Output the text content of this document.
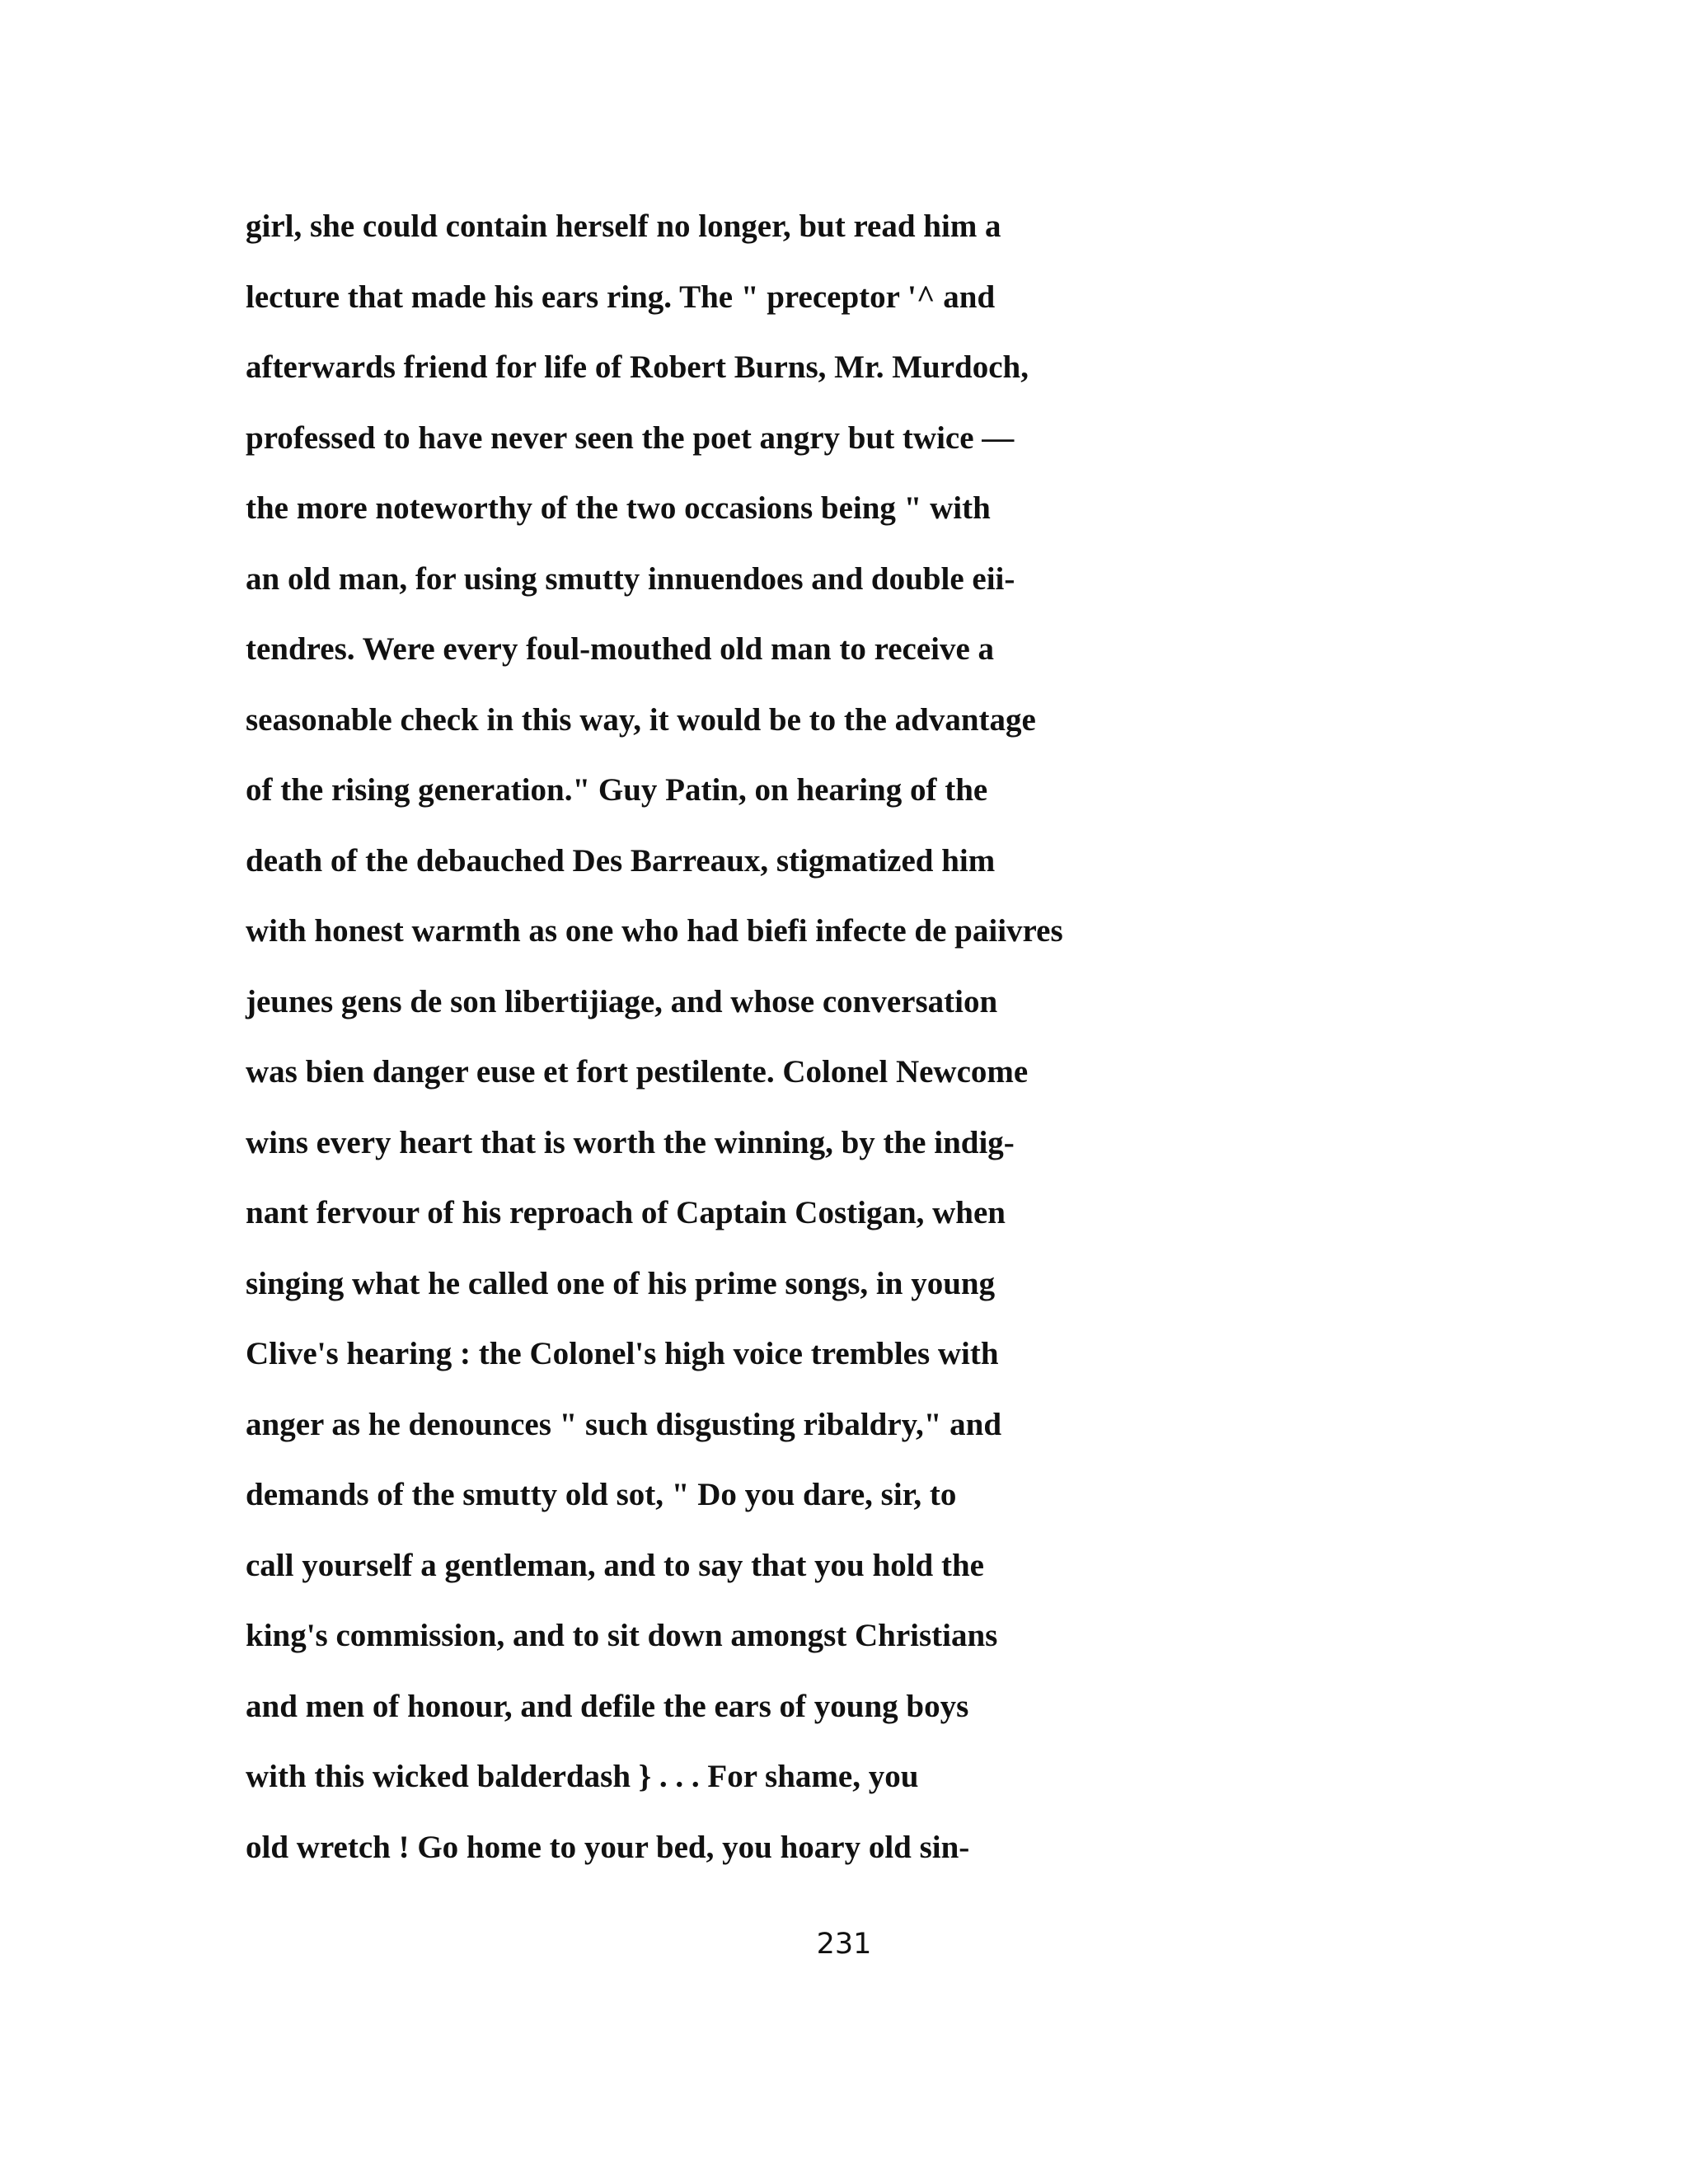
girl, she could contain herself no longer, but read him a
lecture that made his ears ring. The " preceptor '^ and
afterwards friend for life of Robert Burns, Mr. Murdoch,
professed to have never seen the poet angry but twice —
the more noteworthy of the two occasions being " with
an old man, for using smutty innuendoes and double eii-
tendres. Were every foul-mouthed old man to receive a
seasonable check in this way, it would be to the advantage
of the rising generation." Guy Patin, on hearing of the
death of the debauched Des Barreaux, stigmatized him
with honest warmth as one who had biefi infecte de paiivres
jeunes gens de son libertijiage, and whose conversation
was bien danger euse et fort pestilente. Colonel Newcome
wins every heart that is worth the winning, by the indig-
nant fervour of his reproach of Captain Costigan, when
singing what he called one of his prime songs, in young
Clive's hearing : the Colonel's high voice trembles with
anger as he denounces " such disgusting ribaldry," and
demands of the smutty old sot, " Do you dare, sir, to
call yourself a gentleman, and to say that you hold the
king's commission, and to sit down amongst Christians
and men of honour, and defile the ears of young boys
with this wicked balderdash } . . . For shame, you
old wretch ! Go home to your bed, you hoary old sin-
231
